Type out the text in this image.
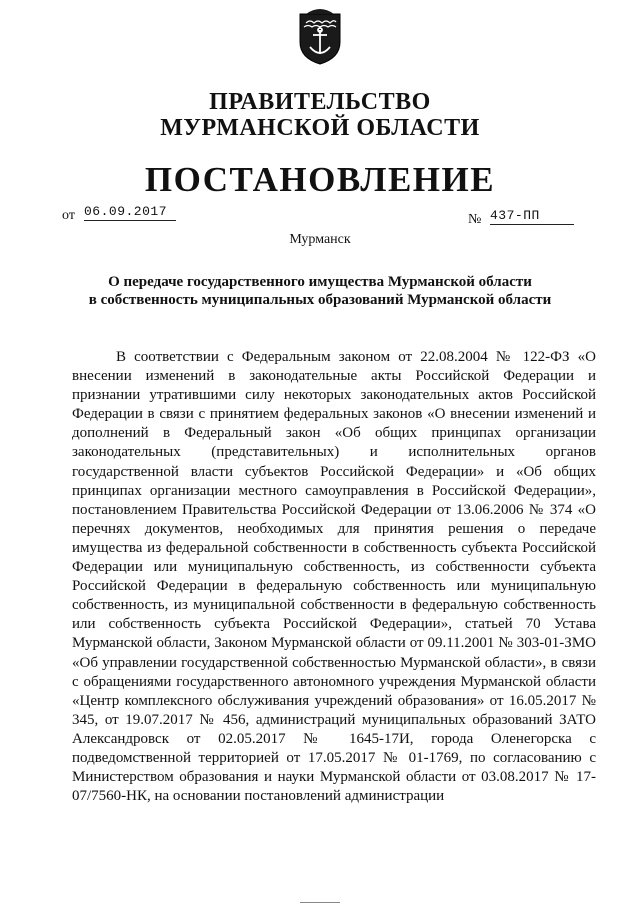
ПРАВИТЕЛЬСТВО
МУРМАНСКОЙ ОБЛАСТИ
ПОСТАНОВЛЕНИЕ
от 06.09.2017
№ 437-ПП
Мурманск
О передаче государственного имущества Мурманской области
в собственность муниципальных образований Мурманской области

В соответствии с Федеральным законом от 22.08.2004 № 122-ФЗ «О внесении изменений в законодательные акты Российской Федерации и признании утратившими силу некоторых законодательных актов Российской Федерации в связи с принятием федеральных законов «О внесении изменений и дополнений в Федеральный закон «Об общих принципах организации законодательных (представительных) и исполнительных органов государственной власти субъектов Российской Федерации» и «Об общих принципах организации местного самоуправления в Российской Федерации», постановлением Правительства Российской Федерации от 13.06.2006 № 374 «О перечнях документов, необходимых для принятия решения о передаче имущества из федеральной собственности в собственность субъекта Российской Федерации или муниципальную собственность, из собственности субъекта Российской Федерации в федеральную собственность или муниципальную собственность, из муниципальной собственности в федеральную собственность или собственность субъекта Российской Федерации», статьей 70 Устава Мурманской области, Законом Мурманской области от 09.11.2001 № 303-01-ЗМО «Об управлении государственной собственностью Мурманской области», в связи с обращениями государственного автономного учреждения Мурманской области «Центр комплексного обслуживания учреждений образования» от 16.05.2017 № 345, от 19.07.2017 № 456, администраций муниципальных образований ЗАТО Александровск от 02.05.2017 № 1645-17И, города Оленегорска с подведомственной территорией от 17.05.2017 № 01-1769, по согласованию с Министерством образования и науки Мурманской области от 03.08.2017 № 17-07/7560-НК, на основании постановлений администрации
